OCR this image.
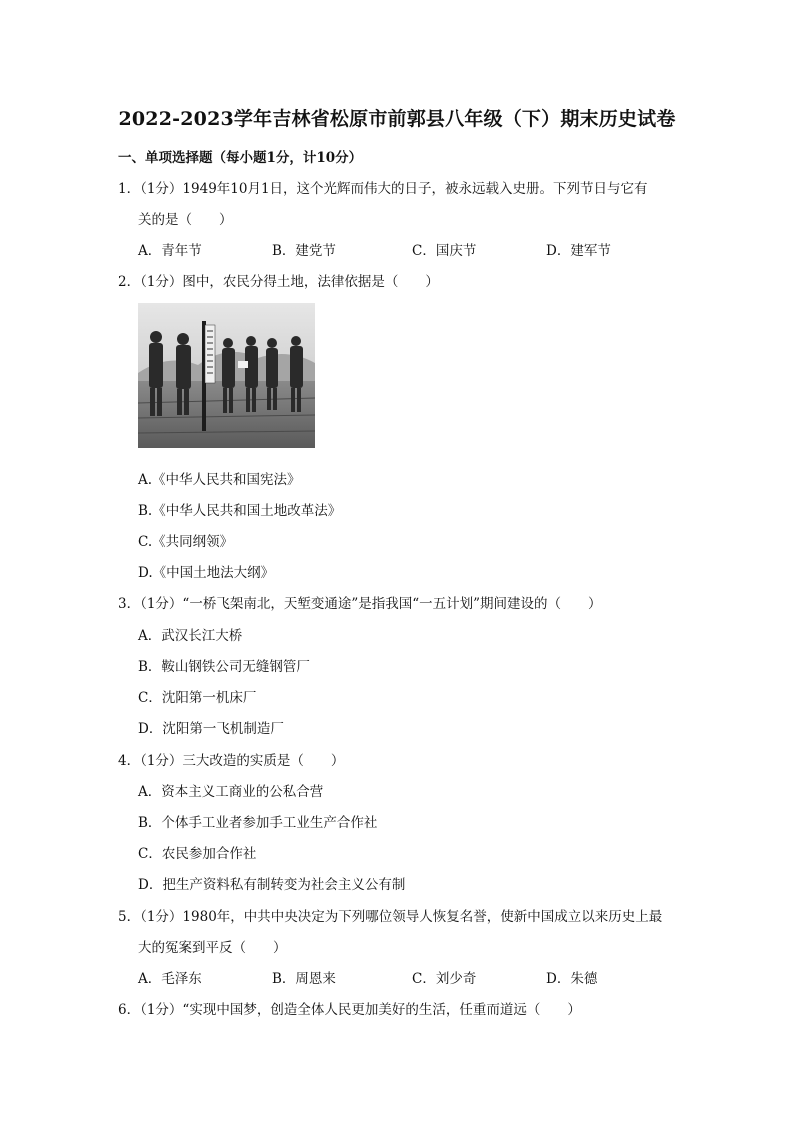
2022-2023学年吉林省松原市前郭县八年级（下）期末历史试卷
一、单项选择题（每小题1分，计10分）
1．（1分）1949年10月1日，这个光辉而伟大的日子，被永远载入史册。下列节日与它有
关的是（　　）
A．青年节	B．建党节	C．国庆节	D．建军节
2．（1分）图中，农民分得土地，法律依据是（　　）
A.《中华人民共和国宪法》
B.《中华人民共和国土地改革法》
C.《共同纲领》
D.《中国土地法大纲》
3．（1分）“一桥飞架南北，天堑变通途”是指我国“一五计划”期间建设的（　　）
A．武汉长江大桥
B．鞍山钢铁公司无缝钢管厂
C．沈阳第一机床厂
D．沈阳第一飞机制造厂
4．（1分）三大改造的实质是（　　）
A．资本主义工商业的公私合营
B．个体手工业者参加手工业生产合作社
C．农民参加合作社
D．把生产资料私有制转变为社会主义公有制
5．（1分）1980年，中共中央决定为下列哪位领导人恢复名誉，使新中国成立以来历史上最
大的冤案到平反（　　）
A．毛泽东	B．周恩来	C．刘少奇	D．朱德
6．（1分）“实现中国梦，创造全体人民更加美好的生活，任重而道远（　　）
